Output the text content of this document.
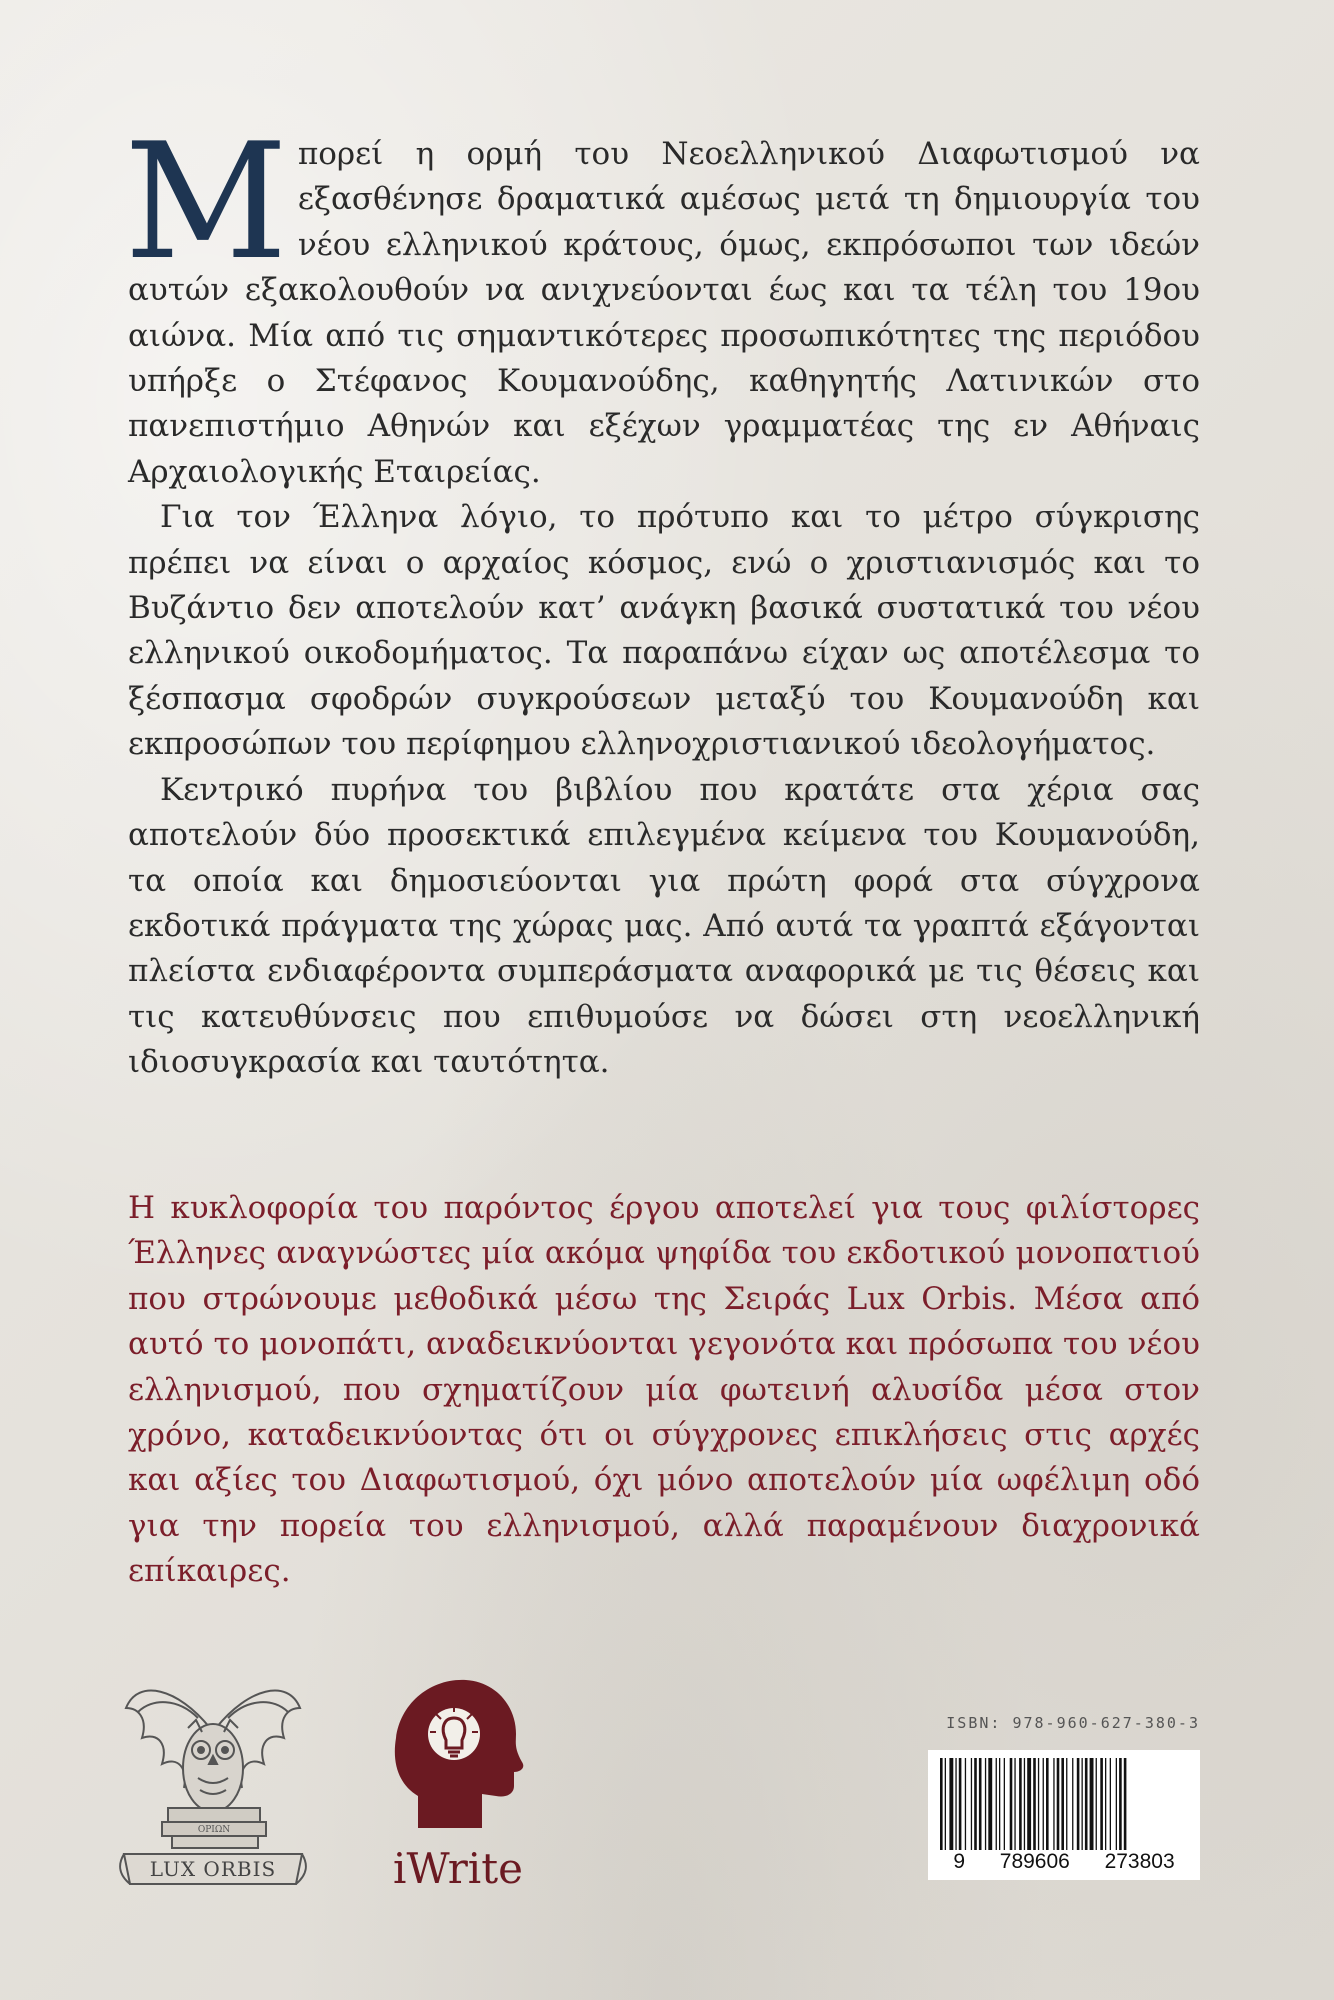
Μπορεί η ορμή του Νεοελληνικού Διαφωτισμού να εξασθένησε δραματικά αμέσως μετά τη δημιουργία του νέου ελληνικού κράτους, όμως, εκπρόσωποι των ιδεών αυτών εξακολουθούν να ανιχνεύονται έως και τα τέλη του 19ου αιώνα. Μία από τις σημαντικότερες προσωπικότητες της περιόδου υπήρξε ο Στέφανος Κουμανούδης, καθηγητής Λατινικών στο πανεπιστήμιο Αθηνών και εξέχων γραμματέας της εν Αθήναις Αρχαιολογικής Εταιρείας.

Για τον Έλληνα λόγιο, το πρότυπο και το μέτρο σύγκρισης πρέπει να είναι ο αρχαίος κόσμος, ενώ ο χριστιανισμός και το Βυζάντιο δεν αποτελούν κατ’ ανάγκη βασικά συστατικά του νέου ελληνικού οικοδομήματος. Τα παραπάνω είχαν ως αποτέλεσμα το ξέσπασμα σφοδρών συγκρούσεων μεταξύ του Κουμανούδη και εκπροσώπων του περίφημου ελληνοχριστιανικού ιδεολογήματος.

Κεντρικό πυρήνα του βιβλίου που κρατάτε στα χέρια σας αποτελούν δύο προσεκτικά επιλεγμένα κείμενα του Κουμανούδη, τα οποία και δημοσιεύονται για πρώτη φορά στα σύγχρονα εκδοτικά πράγματα της χώρας μας. Από αυτά τα γραπτά εξάγονται πλείστα ενδιαφέροντα συμπεράσματα αναφορικά με τις θέσεις και τις κατευθύνσεις που επιθυμούσε να δώσει στη νεοελληνική ιδιοσυγκρασία και ταυτότητα.

Η κυκλοφορία του παρόντος έργου αποτελεί για τους φιλίστορες Έλληνες αναγνώστες μία ακόμα ψηφίδα του εκδοτικού μονοπατιού που στρώνουμε μεθοδικά μέσω της Σειράς Lux Orbis. Μέσα από αυτό το μονοπάτι, αναδεικνύονται γεγονότα και πρόσωπα του νέου ελληνισμού, που σχηματίζουν μία φωτεινή αλυσίδα μέσα στον χρόνο, καταδεικνύοντας ότι οι σύγχρονες επικλήσεις στις αρχές και αξίες του Διαφωτισμού, όχι μόνο αποτελούν μία ωφέλιμη οδό για την πορεία του ελληνισμού, αλλά παραμένουν διαχρονικά επίκαιρες.

ΟΡΙΩΝ
LUX ORBIS	iWrite
ISBN: 978-960-627-380-3
9 789606 273803
